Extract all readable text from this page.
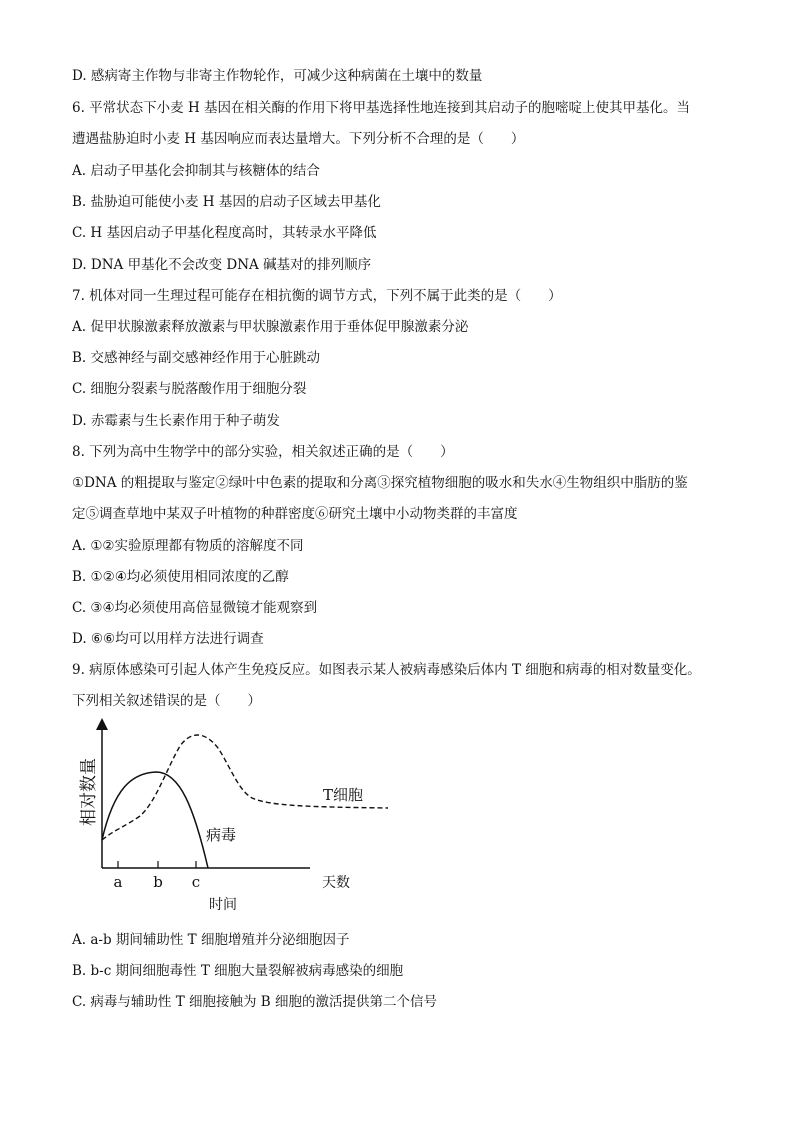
D. 感病寄主作物与非寄主作物轮作，可减少这种病菌在土壤中的数量
6. 平常状态下小麦 H 基因在相关酶的作用下将甲基选择性地连接到其启动子的胞嘧啶上使其甲基化。当
遭遇盐胁迫时小麦 H 基因响应而表达量增大。下列分析不合理的是（　　）
A. 启动子甲基化会抑制其与核糖体的结合
B. 盐胁迫可能使小麦 H 基因的启动子区域去甲基化
C. H 基因启动子甲基化程度高时，其转录水平降低
D. DNA 甲基化不会改变 DNA 碱基对的排列顺序
7. 机体对同一生理过程可能存在相抗衡的调节方式，下列不属于此类的是（　　）
A. 促甲状腺激素释放激素与甲状腺激素作用于垂体促甲腺激素分泌
B. 交感神经与副交感神经作用于心脏跳动
C. 细胞分裂素与脱落酸作用于细胞分裂
D. 赤霉素与生长素作用于种子萌发
8. 下列为高中生物学中的部分实验，相关叙述正确的是（　　）
①DNA 的粗提取与鉴定②绿叶中色素的提取和分离③探究植物细胞的吸水和失水④生物组织中脂肪的鉴
定⑤调查草地中某双子叶植物的种群密度⑥研究土壤中小动物类群的丰富度
A. ①②实验原理都有物质的溶解度不同
B. ①②④均必须使用相同浓度的乙醇
C. ③④均必须使用高倍显微镜才能观察到
D. ⑥⑥均可以用样方法进行调查
9. 病原体感染可引起人体产生免疫反应。如图表示某人被病毒感染后体内 T 细胞和病毒的相对数量变化。
下列相关叙述错误的是（　　）
相对数量
a b c	天数
时间
T细胞
病毒
A. a-b 期间辅助性 T 细胞增殖并分泌细胞因子
B. b-c 期间细胞毒性 T 细胞大量裂解被病毒感染的细胞
C. 病毒与辅助性 T 细胞接触为 B 细胞的激活提供第二个信号
